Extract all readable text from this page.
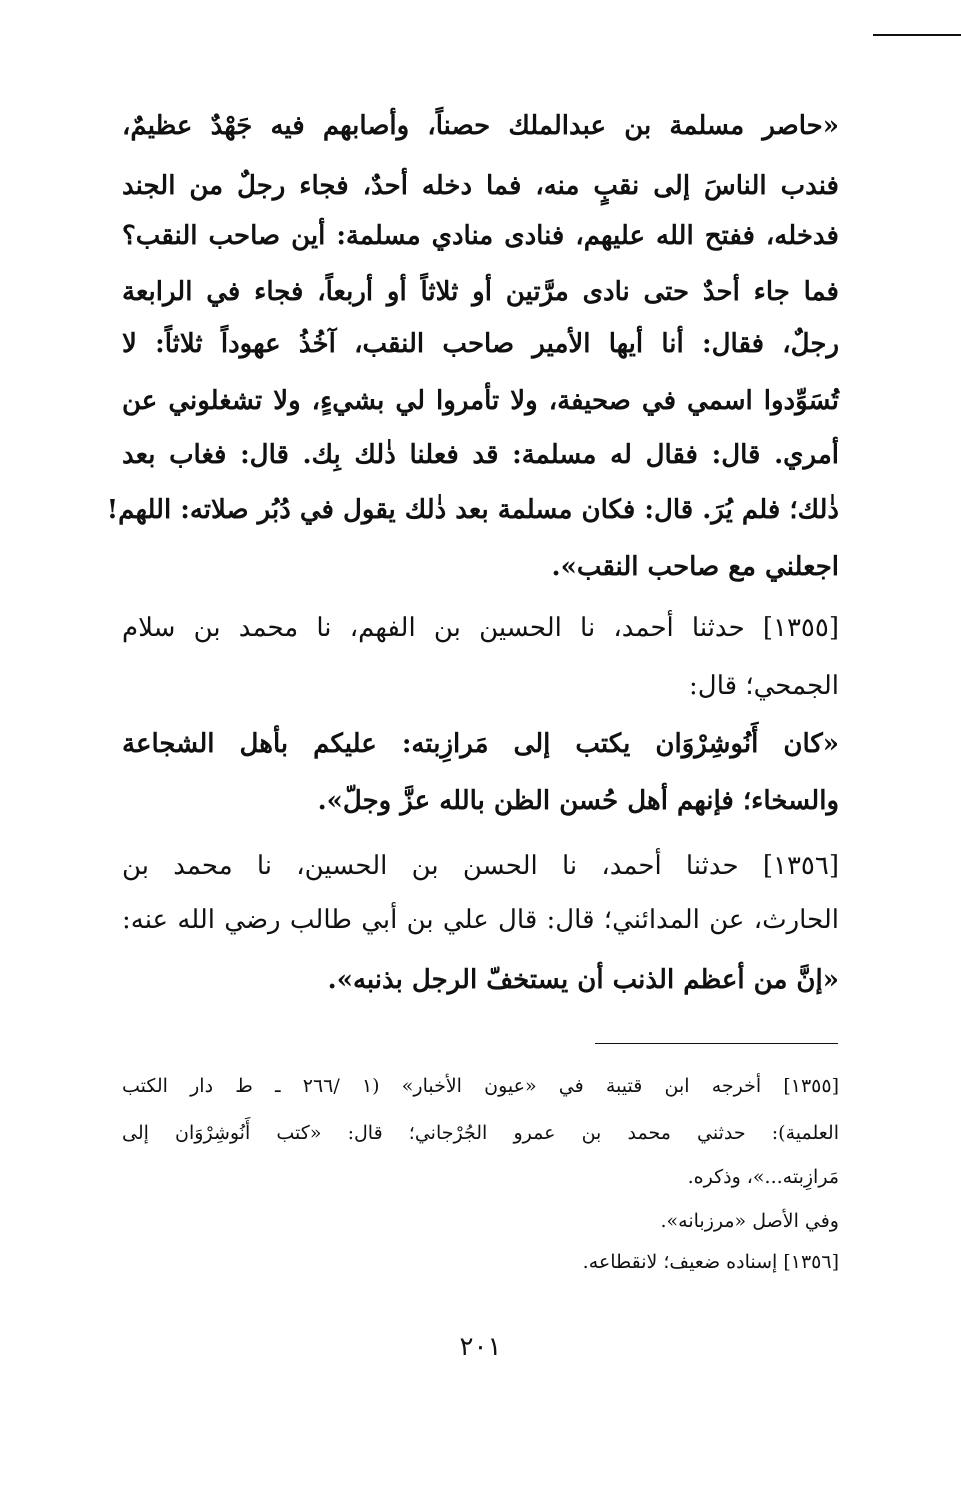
«حاصر مسلمة بن عبدالملك حصناً، وأصابهم فيه جَهْدٌ عظيمٌ،
فندب الناسَ إلى نقبٍ منه، فما دخله أحدٌ، فجاء رجلٌ من الجند
فدخله، ففتح الله عليهم، فنادى منادي مسلمة: أين صاحب النقب؟
فما جاء أحدٌ حتى نادى مرَّتين أو ثلاثاً أو أربعاً، فجاء في الرابعة
رجلٌ، فقال: أنا أيها الأمير صاحب النقب، آخُذُ عهوداً ثلاثاً: لا
تُسَوِّدوا اسمي في صحيفة، ولا تأمروا لي بشيءٍ، ولا تشغلوني عن
أمري. قال: فقال له مسلمة: قد فعلنا ذٰلك بِك. قال: فغاب بعد
ذٰلك؛ فلم يُرَ. قال: فكان مسلمة بعد ذٰلك يقول في دُبُر صلاته: اللهم!
اجعلني مع صاحب النقب».
[١٣٥٥] حدثنا أحمد، نا الحسين بن الفهم، نا محمد بن سلام
الجمحي؛ قال:
«كان أَنُوشِرْوَان يكتب إلى مَرازِبته: عليكم بأهل الشجاعة
والسخاء؛ فإنهم أهل حُسن الظن بالله عزَّ وجلّ».
[١٣٥٦] حدثنا أحمد، نا الحسن بن الحسين، نا محمد بن
الحارث، عن المدائني؛ قال: قال علي بن أبي طالب رضي الله عنه:
«إنَّ من أعظم الذنب أن يستخفّ الرجل بذنبه».
[١٣٥٥] أخرجه ابن قتيبة في «عيون الأخبار» (١ /٢٦٦ ـ ط دار الكتب
العلمية): حدثني محمد بن عمرو الجُرْجاني؛ قال: «كتب أَنُوشِرْوَان إلى
مَرازِبته...»، وذكره.
وفي الأصل «مرزبانه».
[١٣٥٦] إسناده ضعيف؛ لانقطاعه.
٢٠١
